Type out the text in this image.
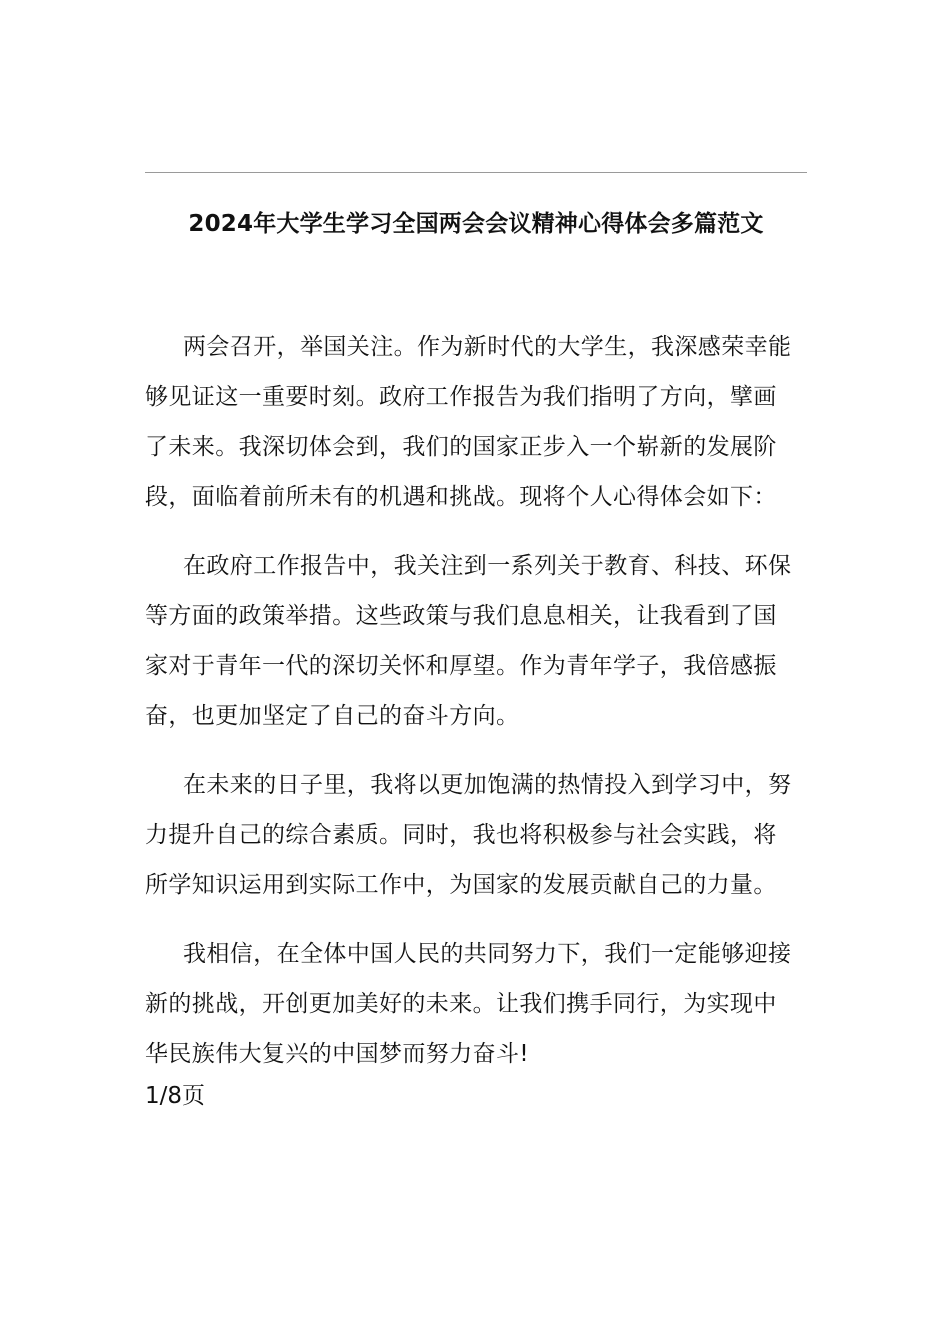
2024年大学生学习全国两会会议精神心得体会多篇范文
两会召开，举国关注。作为新时代的大学生，我深感荣幸能
够见证这一重要时刻。政府工作报告为我们指明了方向，擘画
了未来。我深切体会到，我们的国家正步入一个崭新的发展阶
段，面临着前所未有的机遇和挑战。现将个人心得体会如下：
在政府工作报告中，我关注到一系列关于教育、科技、环保
等方面的政策举措。这些政策与我们息息相关，让我看到了国
家对于青年一代的深切关怀和厚望。作为青年学子，我倍感振
奋，也更加坚定了自己的奋斗方向。
在未来的日子里，我将以更加饱满的热情投入到学习中，努
力提升自己的综合素质。同时，我也将积极参与社会实践，将
所学知识运用到实际工作中，为国家的发展贡献自己的力量。
我相信，在全体中国人民的共同努力下，我们一定能够迎接
新的挑战，开创更加美好的未来。让我们携手同行，为实现中
华民族伟大复兴的中国梦而努力奋斗!
1/8页
